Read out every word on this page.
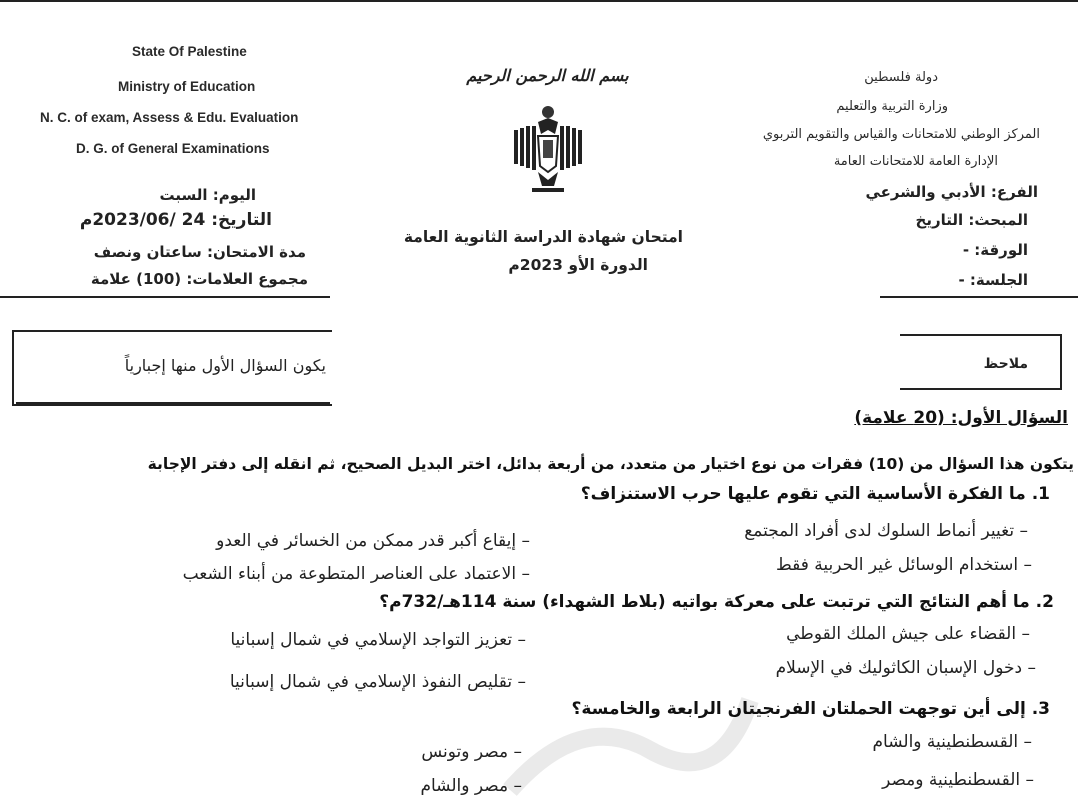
State Of Palestine
Ministry of Education
N. C. of exam, Assess & Edu. Evaluation
D. G. of General Examinations
بسم الله الرحمن الرحيم	دولة فلسطين
وزارة التربية والتعليم
المركز الوطني للامتحانات والقياس والتقويم التربوي
الإدارة العامة للامتحانات العامة
اليوم: السبت
التاريخ: 24 /2023/06م
مدة الامتحان: ساعتان ونصف
مجموع العلامات: (100) علامة
امتحان شهادة الدراسة الثانوية العامة
الدورة الأو 2023م
الفرع: الأدبي والشرعي
المبحث: التاريخ
الورقة: -
الجلسة: -
يكون السؤال الأول منها إجبارياً	ملاحظ
السؤال الأول: (20 علامة)
يتكون هذا السؤال من (10) فقرات من نوع اختيار من متعدد، من أربعة بدائل، اختر البديل الصحيح، ثم انقله إلى دفتر الإجابة
1. ما الفكرة الأساسية التي تقوم عليها حرب الاستنزاف؟
– تغيير أنماط السلوك لدى أفراد المجتمع
– إيقاع أكبر قدر ممكن من الخسائر في العدو
– استخدام الوسائل غير الحربية فقط
– الاعتماد على العناصر المتطوعة من أبناء الشعب
2. ما أهم النتائج التي ترتبت على معركة بواتيه (بلاط الشهداء) سنة 114هـ/732م؟
– القضاء على جيش الملك القوطي
– تعزيز التواجد الإسلامي في شمال إسبانيا
– دخول الإسبان الكاثوليك في الإسلام
– تقليص النفوذ الإسلامي في شمال إسبانيا
3. إلى أين توجهت الحملتان الفرنجيتان الرابعة والخامسة؟
– القسطنطينية والشام
– مصر وتونس
– القسطنطينية ومصر
– مصر والشام
